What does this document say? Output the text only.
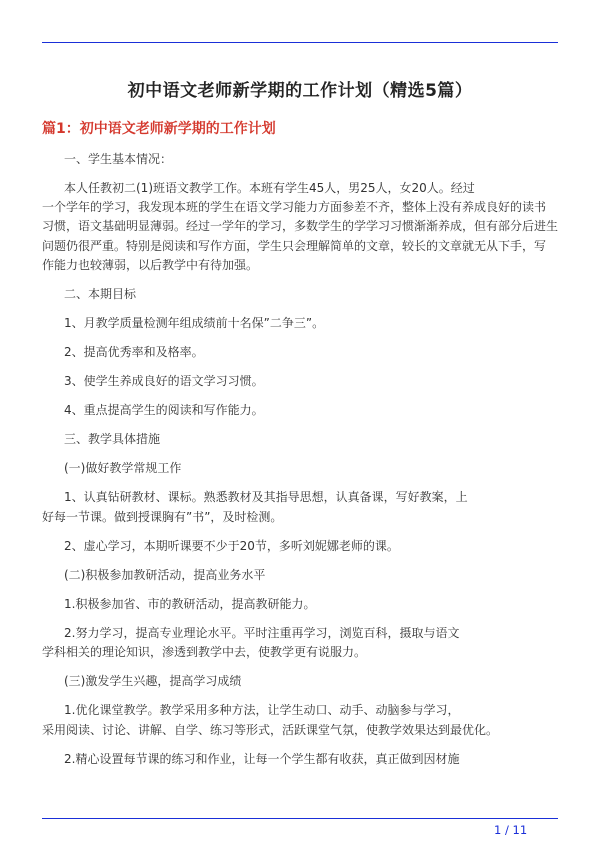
初中语文老师新学期的工作计划（精选5篇）
篇1：初中语文老师新学期的工作计划
一、学生基本情况：
本人任教初二(1)班语文教学工作。本班有学生45人，男25人，女20人。经过
一个学年的学习，我发现本班的学生在语文学习能力方面参差不齐，整体上没有养成良好的读书
习惯，语文基础明显薄弱。经过一学年的学习，多数学生的学学习习惯渐渐养成，但有部分后进生
问题仍很严重。特别是阅读和写作方面，学生只会理解简单的文章，较长的文章就无从下手，写
作能力也较薄弱，以后教学中有待加强。
二、本期目标
1、月教学质量检测年组成绩前十名保”二争三”。
2、提高优秀率和及格率。
3、使学生养成良好的语文学习习惯。
4、重点提高学生的阅读和写作能力。
三、教学具体措施
(一)做好教学常规工作
1、认真钻研教材、课标。熟悉教材及其指导思想，认真备课，写好教案，上
好每一节课。做到授课胸有”书”，及时检测。
2、虚心学习，本期听课要不少于20节，多听刘妮娜老师的课。
(二)积极参加教研活动，提高业务水平
1.积极参加省、市的教研活动，提高教研能力。
2.努力学习，提高专业理论水平。平时注重再学习，浏览百科，摄取与语文
学科相关的理论知识，渗透到教学中去，使教学更有说服力。
(三)激发学生兴趣，提高学习成绩
1.优化课堂教学。教学采用多种方法，让学生动口、动手、动脑参与学习，
采用阅读、讨论、讲解、自学、练习等形式，活跃课堂气氛，使教学效果达到最优化。
2.精心设置每节课的练习和作业，让每一个学生都有收获，真正做到因材施
1 / 11
